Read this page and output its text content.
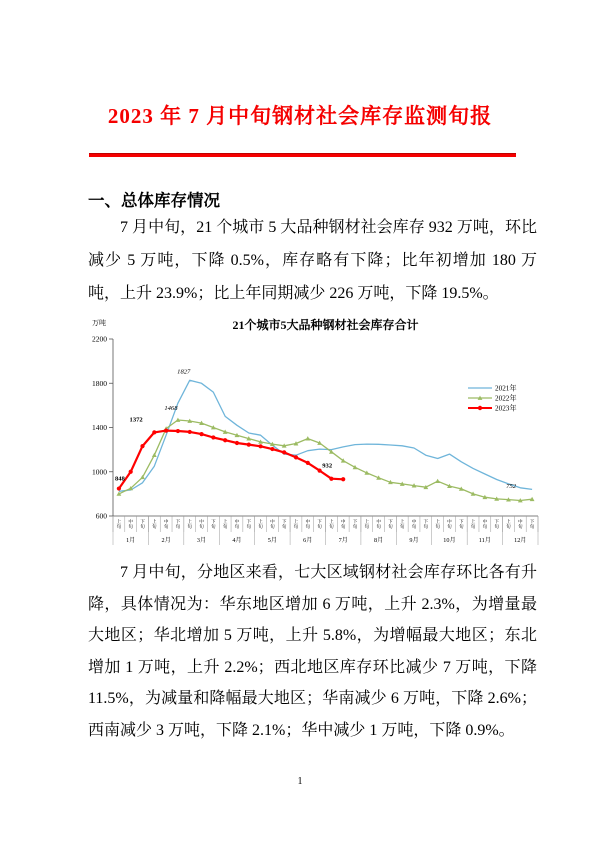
2023 年 7 月中旬钢材社会库存监测旬报
一、总体库存情况
7 月中旬，21 个城市 5 大品种钢材社会库存 932 万吨，环比减少 5 万吨，下降 0.5%，库存略有下降；比年初增加 180 万吨，上升 23.9%；比上年同期减少 226 万吨，下降 19.5%。
21个城市5大品种钢材社会库存合计
万吨
2200
1800
1400
1000
600
上旬
中旬
下旬
上旬
中旬
下旬
上旬
中旬
下旬
上旬
中旬
下旬
上旬
中旬
下旬
上旬
中旬
下旬
上旬
中旬
下旬
上旬
中旬
下旬
上旬
中旬
下旬
上旬
中旬
下旬
上旬
中旬
下旬
上旬
中旬
下旬
1月	2月	3月	4月	5月	6月	7月	8月	9月	10月	11月	12月
848
1372
1468
1827
932
752
2021年
2022年
2023年
7 月中旬，分地区来看，七大区域钢材社会库存环比各有升降，具体情况为：华东地区增加 6 万吨，上升 2.3%，为增量最大地区；华北增加 5 万吨，上升 5.8%，为增幅最大地区；东北增加 1 万吨，上升 2.2%；西北地区库存环比减少 7 万吨，下降 11.5%，为减量和降幅最大地区；华南减少 6 万吨，下降 2.6%；西南减少 3 万吨，下降 2.1%；华中减少 1 万吨，下降 0.9%。
1
